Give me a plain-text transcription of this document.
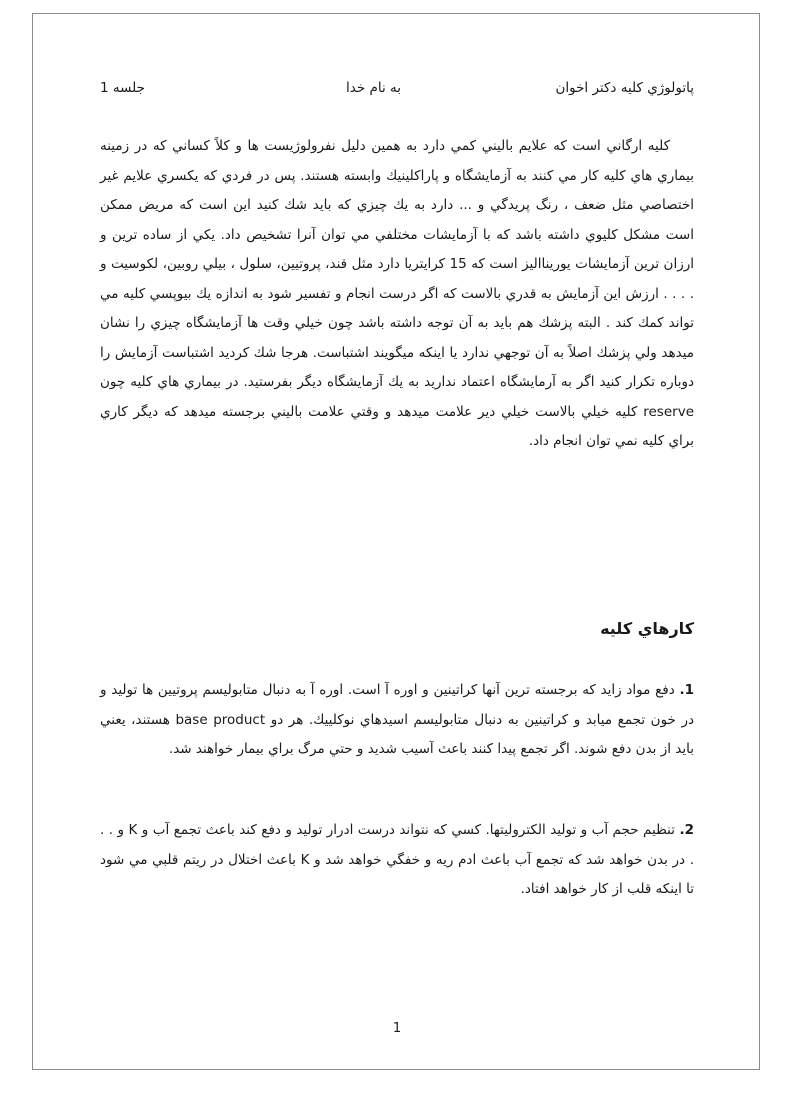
پاتولوژي كليه دكتر اخوان
به نام خدا
جلسه 1

كليه ارگاني است كه علايم باليني كمي دارد به همين دليل نفرولوژيست ها و كلاً كساني كه در زمينه بيماري هاي كليه كار مي كنند به آزمايشگاه و پاراكلينيك وابسته هستند. پس در فردي كه يكسري علايم غير اختصاصي مثل ضعف ، رنگ پريدگي و ... دارد به يك چيزي كه بايد شك كنيد اين است كه مريض ممكن است مشكل كليوي داشته باشد كه با آزمايشات مختلفي مي توان آنرا تشخيص داد. يكي از ساده ترين و ارزان ترين آزمايشات يورينااليز است كه 15 كرايتريا دارد مثل قند، پروتيين، سلول ، بيلي روبين، لكوسيت و . . . . ارزش اين آزمايش به قدري بالاست كه اگر درست انجام و تفسير شود به اندازه يك بيوپسي كليه مي تواند كمك كند . البته پزشك هم بايد به آن توجه داشته باشد چون خيلي وقت ها آزمايشگاه چيزي را نشان ميدهد ولي پزشك اصلاً به آن توجهي ندارد يا اينكه ميگويند اشتباست. هرجا شك كرديد اشتباست آزمايش را دوباره تكرار كنيد اگر به آرمايشگاه اعتماد نداريد به يك آزمايشگاه ديگر بفرستيد. در بيماري هاي كليه چون reserve كليه خيلي بالاست خيلي دير علامت ميدهد و وقتي علامت باليني برجسته ميدهد كه ديگر كاري براي كليه نمي توان انجام داد.

كارهاي كليه

1. دفع مواد زايد كه برجسته ترين آنها كراتينين و اوره آ است. اوره آ به دنبال متابوليسم پروتيين ها توليد و در خون تجمع ميابد و كراتينين به دنبال متابوليسم اسيدهاي نوكلييك. هر دو base product هستند، يعني بايد از بدن دفع شوند. اگر تجمع پيدا كنند باعث آسيب شديد و حتي مرگ براي بيمار خواهند شد.

2. تنظيم حجم آب و توليد الكتروليتها. كسي كه نتواند درست ادرار توليد و دفع كند باعث تجمع آب و K و . . . در بدن خواهد شد كه تجمع آب باعث ادم ريه و خفگي خواهد شد و K باعث اختلال در ريتم قلبي مي شود تا اينكه قلب از كار خواهد افتاد.

1
